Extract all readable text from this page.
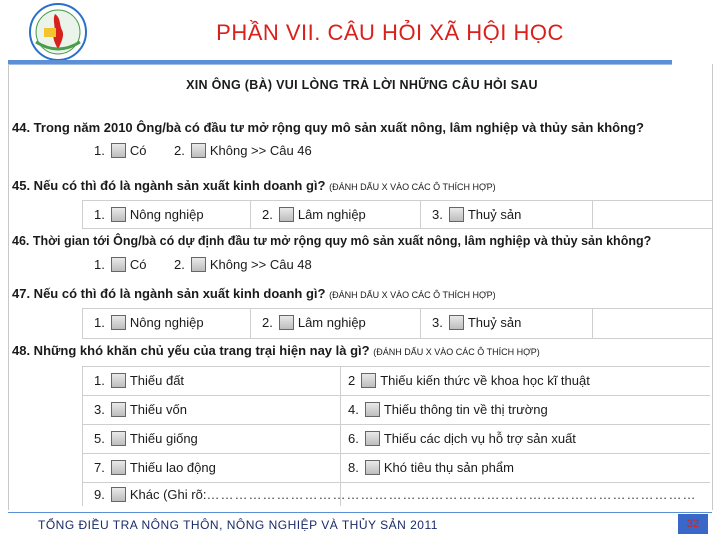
PHẦN VII. CÂU HỎI XÃ HỘI HỌC
XIN ÔNG (BÀ) VUI LÒNG TRẢ LỜI NHỮNG CÂU HỎI SAU
44. Trong năm 2010 Ông/bà có đầu tư mở rộng quy mô sản xuất nông, lâm nghiệp và thủy sản không?
1. Có 2. Không >> Câu 46
45. Nếu có thì đó là ngành sản xuất kinh doanh gì? (ĐÁNH DẤU X VÀO CÁC Ô THÍCH HỢP)
1. Nông nghiệp	2. Lâm nghiệp	3. Thuỷ sản
46. Thời gian tới Ông/bà có dự định đầu tư mở rộng quy mô sản xuất nông, lâm nghiệp và thủy sản không?
1. Có 2. Không >> Câu 48
47. Nếu có thì đó là ngành sản xuất kinh doanh gì? (ĐÁNH DẤU X VÀO CÁC Ô THÍCH HỢP)
1. Nông nghiệp	2. Lâm nghiệp	3. Thuỷ sản
48. Những khó khăn chủ yếu của trang trại hiện nay là gì? (ĐÁNH DẤU X VÀO CÁC Ô THÍCH HỢP)
1. Thiếu đất	2 Thiếu kiến thức về khoa học kĩ thuật
3. Thiếu vốn	4. Thiếu thông tin về thị trường
5. Thiếu giống	6. Thiếu các dịch vụ hỗ trợ sản xuất
7. Thiếu lao động	8. Khó tiêu thụ sản phẩm
9. Khác (Ghi rõ: ……………………………………………………………………………………………
TỔNG ĐIỀU TRA NÔNG THÔN, NÔNG NGHIỆP VÀ THỦY SẢN 2011	32
